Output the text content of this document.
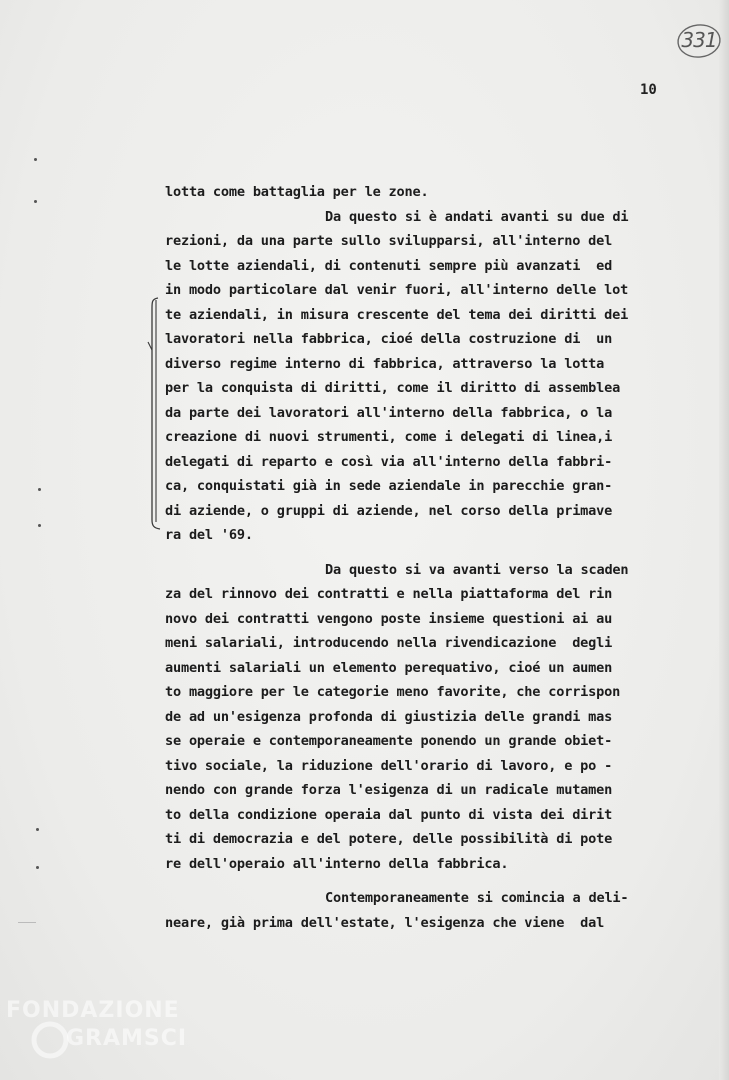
331
10
lotta come battaglia per le zone.
Da questo si è andati avanti su due di
rezioni, da una parte sullo svilupparsi, all'interno del
le lotte aziendali, di contenuti sempre più avanzati  ed
in modo particolare dal venir fuori, all'interno delle lot
te aziendali, in misura crescente del tema dei diritti dei
lavoratori nella fabbrica, cioé della costruzione di  un
diverso regime interno di fabbrica, attraverso la lotta
per la conquista di diritti, come il diritto di assemblea
da parte dei lavoratori all'interno della fabbrica, o la
creazione di nuovi strumenti, come i delegati di linea,i
delegati di reparto e così via all'interno della fabbri-
ca, conquistati già in sede aziendale in parecchie gran-
di aziende, o gruppi di aziende, nel corso della primave
ra del '69.
Da questo si va avanti verso la scaden
za del rinnovo dei contratti e nella piattaforma del rin
novo dei contratti vengono poste insieme questioni ai au
meni salariali, introducendo nella rivendicazione  degli
aumenti salariali un elemento perequativo, cioé un aumen
to maggiore per le categorie meno favorite, che corrispon
de ad un'esigenza profonda di giustizia delle grandi mas
se operaie e contemporaneamente ponendo un grande obiet-
tivo sociale, la riduzione dell'orario di lavoro, e po -
nendo con grande forza l'esigenza di un radicale mutamen
to della condizione operaia dal punto di vista dei dirit
ti di democrazia e del potere, delle possibilità di pote
re dell'operaio all'interno della fabbrica.
Contemporaneamente si comincia a deli-
neare, già prima dell'estate, l'esigenza che viene  dal
FONDAZIONE
GRAMSCI
